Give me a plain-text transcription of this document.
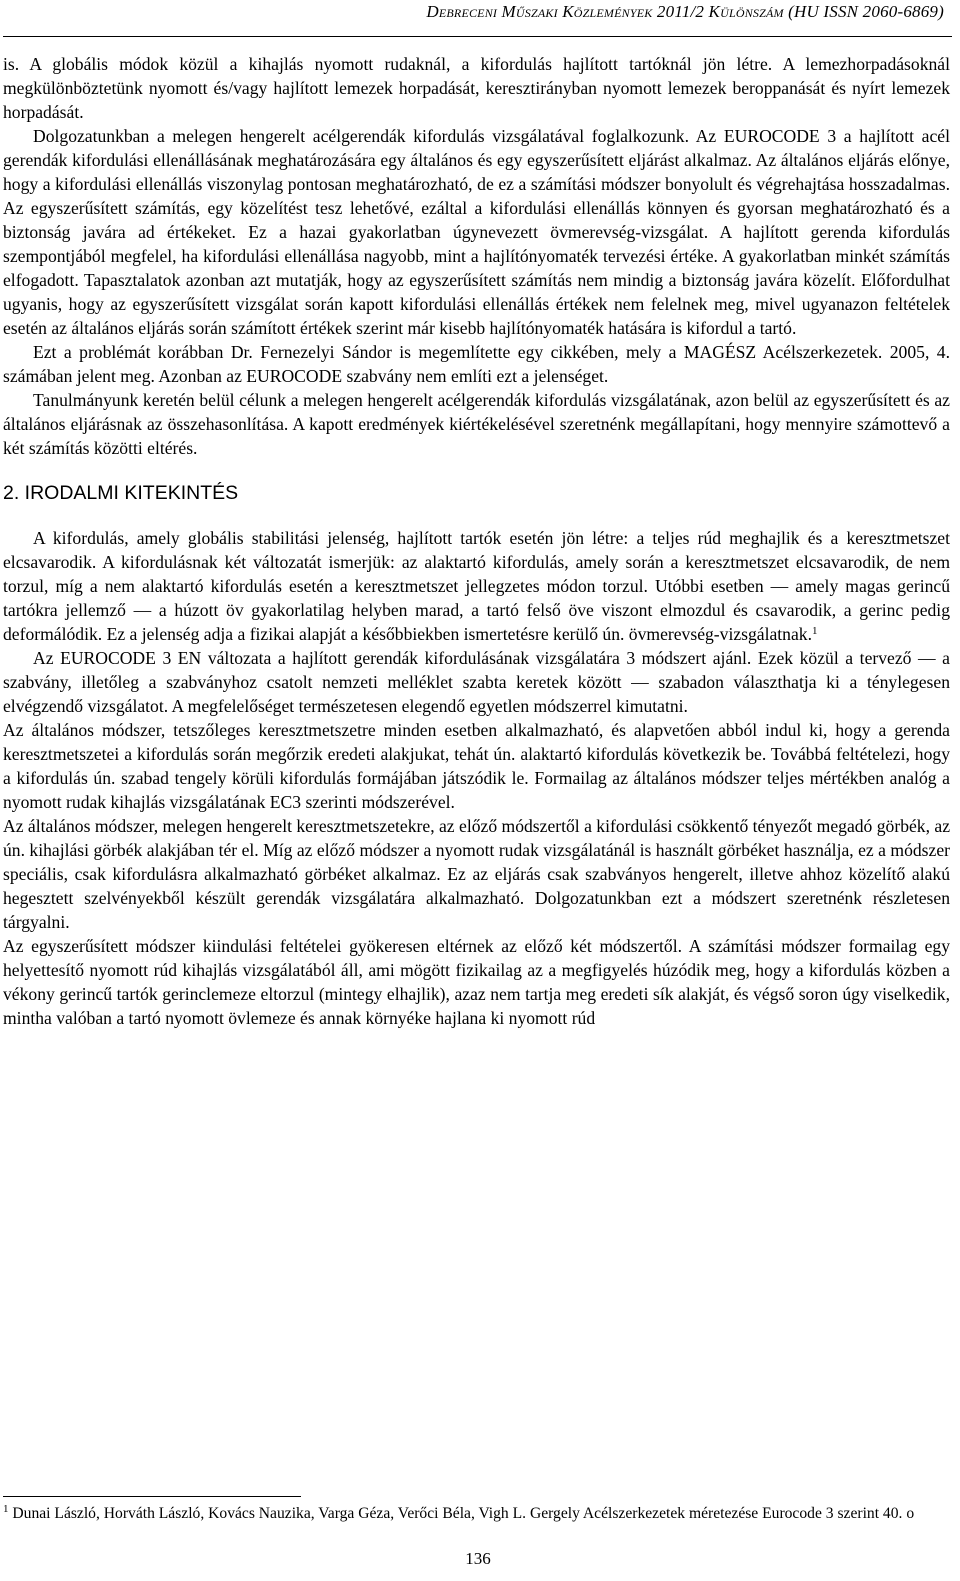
Debreceni Műszaki Közlemények 2011/2 Különszám (HU ISSN 2060-6869)

is. A globális módok közül a kihajlás nyomott rudaknál, a kifordulás hajlított tartóknál jön létre. A lemezhorpadásoknál megkülönböztetünk nyomott és/vagy hajlított lemezek horpadását, keresztirányban nyomott lemezek beroppanását és nyírt lemezek horpadását.

Dolgozatunkban a melegen hengerelt acélgerendák kifordulás vizsgálatával foglalkozunk. Az EUROCODE 3 a hajlított acél gerendák kifordulási ellenállásának meghatározására egy általános és egy egyszerűsített eljárást alkalmaz. Az általános eljárás előnye, hogy a kifordulási ellenállás viszonylag pontosan meghatározható, de ez a számítási módszer bonyolult és végrehajtása hosszadalmas. Az egyszerűsített számítás, egy közelítést tesz lehetővé, ezáltal a kifordulási ellenállás könnyen és gyorsan meghatározható és a biztonság javára ad értékeket. Ez a hazai gyakorlatban úgynevezett övmerevség-vizsgálat. A hajlított gerenda kifordulás szempontjából megfelel, ha kifordulási ellenállása nagyobb, mint a hajlítónyomaték tervezési értéke. A gyakorlatban minkét számítás elfogadott. Tapasztalatok azonban azt mutatják, hogy az egyszerűsített számítás nem mindig a biztonság javára közelít. Előfordulhat ugyanis, hogy az egyszerűsített vizsgálat során kapott kifordulási ellenállás értékek nem felelnek meg, mivel ugyanazon feltételek esetén az általános eljárás során számított értékek szerint már kisebb hajlítónyomaték hatására is kifordul a tartó.

Ezt a problémát korábban Dr. Fernezelyi Sándor is megemlítette egy cikkében, mely a MAGÉSZ Acélszerkezetek. 2005, 4. számában jelent meg. Azonban az EUROCODE szabvány nem említi ezt a jelenséget.

Tanulmányunk keretén belül célunk a melegen hengerelt acélgerendák kifordulás vizsgálatának, azon belül az egyszerűsített és az általános eljárásnak az összehasonlítása. A kapott eredmények kiértékelésével szeretnénk megállapítani, hogy mennyire számottevő a két számítás közötti eltérés.

2. IRODALMI KITEKINTÉS

A kifordulás, amely globális stabilitási jelenség, hajlított tartók esetén jön létre: a teljes rúd meghajlik és a keresztmetszet elcsavarodik. A kifordulásnak két változatát ismerjük: az alaktartó kifordulás, amely során a keresztmetszet elcsavarodik, de nem torzul, míg a nem alaktartó kifordulás esetén a keresztmetszet jellegzetes módon torzul. Utóbbi esetben — amely magas gerincű tartókra jellemző — a húzott öv gyakorlatilag helyben marad, a tartó felső öve viszont elmozdul és csavarodik, a gerinc pedig deformálódik. Ez a jelenség adja a fizikai alapját a későbbiekben ismertetésre kerülő ún. övmerevség-vizsgálatnak.$^1$

Az EUROCODE 3 EN változata a hajlított gerendák kifordulásának vizsgálatára 3 módszert ajánl. Ezek közül a tervező — a szabvány, illetőleg a szabványhoz csatolt nemzeti melléklet szabta keretek között — szabadon választhatja ki a ténylegesen elvégzendő vizsgálatot. A megfelelőséget természetesen elegendő egyetlen módszerrel kimutatni.

Az általános módszer, tetszőleges keresztmetszetre minden esetben alkalmazható, és alapvetően abból indul ki, hogy a gerenda keresztmetszetei a kifordulás során megőrzik eredeti alakjukat, tehát ún. alaktartó kifordulás következik be. Továbbá feltételezi, hogy a kifordulás ún. szabad tengely körüli kifordulás formájában játszódik le. Formailag az általános módszer teljes mértékben analóg a nyomott rudak kihajlás vizsgálatának EC3 szerinti módszerével.

Az általános módszer, melegen hengerelt keresztmetszetekre, az előző módszertől a kifordulási csökkentő tényezőt megadó görbék, az ún. kihajlási görbék alakjában tér el. Míg az előző módszer a nyomott rudak vizsgálatánál is használt görbéket használja, ez a módszer speciális, csak kifordulásra alkalmazható görbéket alkalmaz. Ez az eljárás csak szabványos hengerelt, illetve ahhoz közelítő alakú hegesztett szelvényekből készült gerendák vizsgálatára alkalmazható. Dolgozatunkban ezt a módszert szeretnénk részletesen tárgyalni.

Az egyszerűsített módszer kiindulási feltételei gyökeresen eltérnek az előző két módszertől. A számítási módszer formailag egy helyettesítő nyomott rúd kihajlás vizsgálatából áll, ami mögött fizikailag az a megfigyelés húzódik meg, hogy a kifordulás közben a vékony gerincű tartók gerinclemeze eltorzul (mintegy elhajlik), azaz nem tartja meg eredeti sík alakját, és végső soron úgy viselkedik, mintha valóban a tartó nyomott övlemeze és annak környéke hajlana ki nyomott rúd

$^1$ Dunai László, Horváth László, Kovács Nauzika, Varga Géza, Verőci Béla, Vigh L. Gergely Acélszerkezetek méretezése Eurocode 3 szerint 40. o
136
